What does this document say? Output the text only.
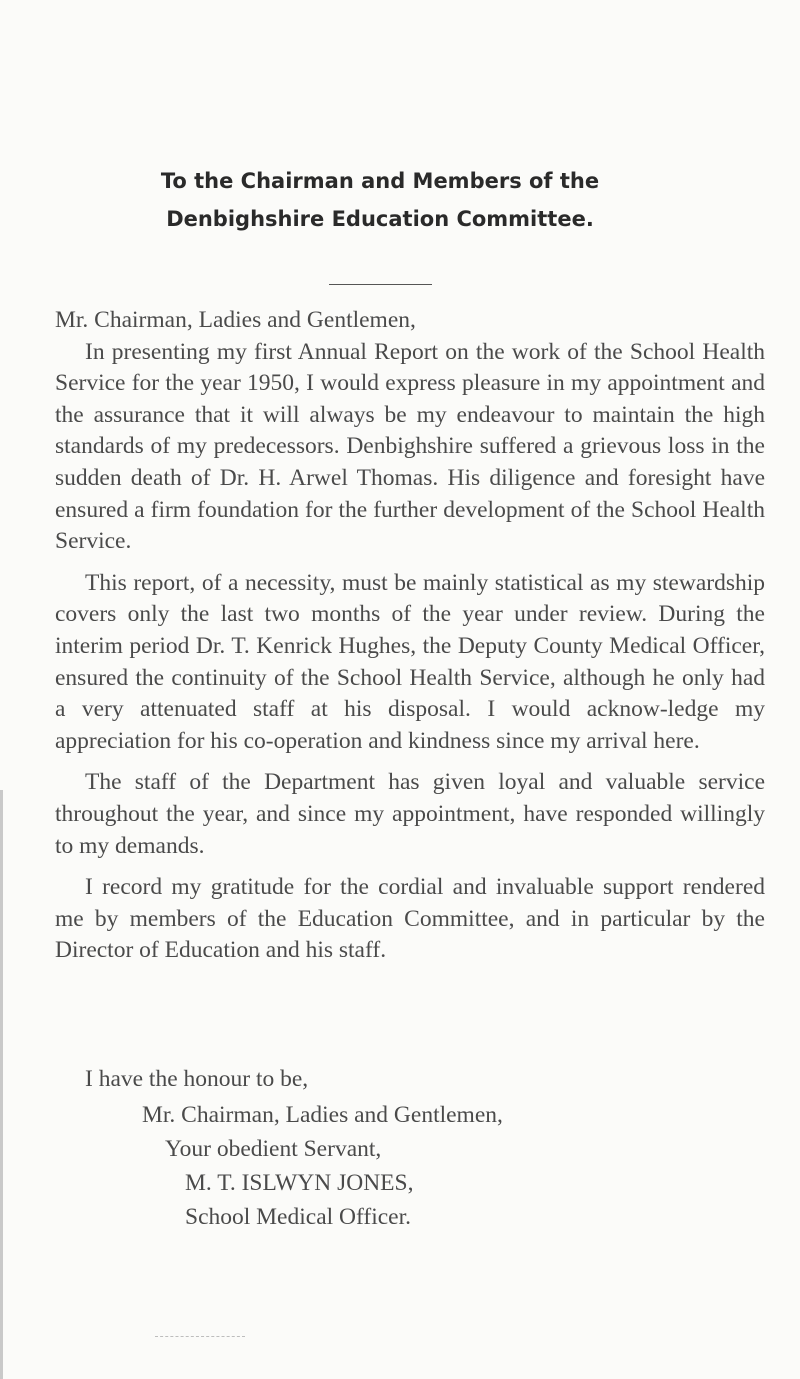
To the Chairman and Members of the
Denbighshire Education Committee.

Mr. Chairman, Ladies and Gentlemen,

In presenting my first Annual Report on the work of the School Health Service for the year 1950, I would express pleasure in my appointment and the assurance that it will always be my endeavour to maintain the high standards of my predecessors. Denbighshire suffered a grievous loss in the sudden death of Dr. H. Arwel Thomas. His diligence and foresight have ensured a firm foundation for the further development of the School Health Service.

This report, of a necessity, must be mainly statistical as my stewardship covers only the last two months of the year under review. During the interim period Dr. T. Kenrick Hughes, the Deputy County Medical Officer, ensured the continuity of the School Health Service, although he only had a very attenuated staff at his disposal. I would acknow-ledge my appreciation for his co-operation and kindness since my arrival here.

The staff of the Department has given loyal and valuable service throughout the year, and since my appointment, have responded willingly to my demands.

I record my gratitude for the cordial and invaluable support rendered me by members of the Education Committee, and in particular by the Director of Education and his staff.

I have the honour to be,
Mr. Chairman, Ladies and Gentlemen,
Your obedient Servant,
M. T. ISLWYN JONES,
School Medical Officer.
